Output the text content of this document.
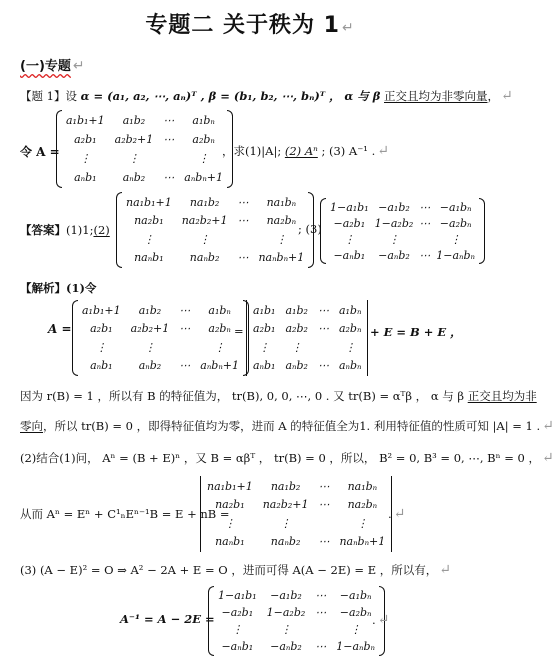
专题二 关于秩为 1 ↵
(一)专题 ↵
【题 1】设 α = (a₁, a₂, ⋯, aₙ)ᵀ , β = (b₁, b₂, ⋯, bₙ)ᵀ ， α 与 β 正交且均为非零向量， ↵
令 A =
a₁b₁+1	a₁b₂	⋯	a₁bₙ
a₂b₁	a₂b₂+1 ⋯	a₂bₙ
⋮	⋮	⋮
aₙb₁	aₙb₂	⋯ aₙbₙ+1
，求(1)|A|; (2) Aⁿ ; (3) A⁻¹ . ↵
【答案】(1)1;(2)
na₁b₁+1	na₁b₂	⋯	na₁bₙ
na₂b₁	na₂b₂+1 ⋯	na₂bₙ
⋮	⋮	⋮
naₙb₁	naₙb₂	⋯ naₙbₙ+1
; (3)
1−a₁b₁ −a₁b₂ ⋯ −a₁bₙ
−a₂b₁ 1−a₂b₂ ⋯ −a₂bₙ
⋮	⋮	⋮
−aₙb₁	−aₙb₂ ⋯ 1−aₙbₙ
【解析】(1)令
A =
a₁b₁+1	a₁b₂	⋯	a₁bₙ
a₂b₁	a₂b₂+1 ⋯	a₂bₙ
⋮	⋮	⋮
aₙb₁	aₙb₂	⋯ aₙbₙ+1
=
a₁b₁ a₁b₂ ⋯ a₁bₙ
a₂b₁ a₂b₂ ⋯ a₂bₙ
⋮	⋮	⋮
aₙb₁ aₙb₂ ⋯ aₙbₙ
+ E = B + E ，
因为 r(B) = 1 ，所以有 B 的特征值为， tr(B), 0, 0, ⋯, 0 . 又 tr(B) = αᵀβ ， α 与 β 正交且均为非
零向，所以 tr(B) = 0 ，即得特征值均为零，进而 A 的特征值全为1. 利用特征值的性质可知 |A| = 1 . ↵
(2)结合(1)问， Aⁿ = (B + E)ⁿ ，又 B = αβᵀ ， tr(B) = 0 ，所以， B² = 0, B³ = 0, ⋯, Bⁿ = 0 ， ↵
从而 Aⁿ = Eⁿ + C¹ₙEⁿ⁻¹B = E + nB =
na₁b₁+1	na₁b₂	⋯	na₁bₙ
na₂b₁	na₂b₂+1 ⋯	na₂bₙ
⋮	⋮	⋮
naₙb₁	naₙb₂	⋯ naₙbₙ+1
. ↵
(3) (A − E)² = O ⇒ A² − 2A + E = O ，进而可得 A(A − 2E) = E ，所以有， ↵
A⁻¹ = A − 2E =
1−a₁b₁	−a₁b₂	⋯	−a₁bₙ
−a₂b₁	1−a₂b₂ ⋯	−a₂bₙ
⋮	⋮	⋮
−aₙb₁	−aₙb₂	⋯ 1−aₙbₙ
. ↵
